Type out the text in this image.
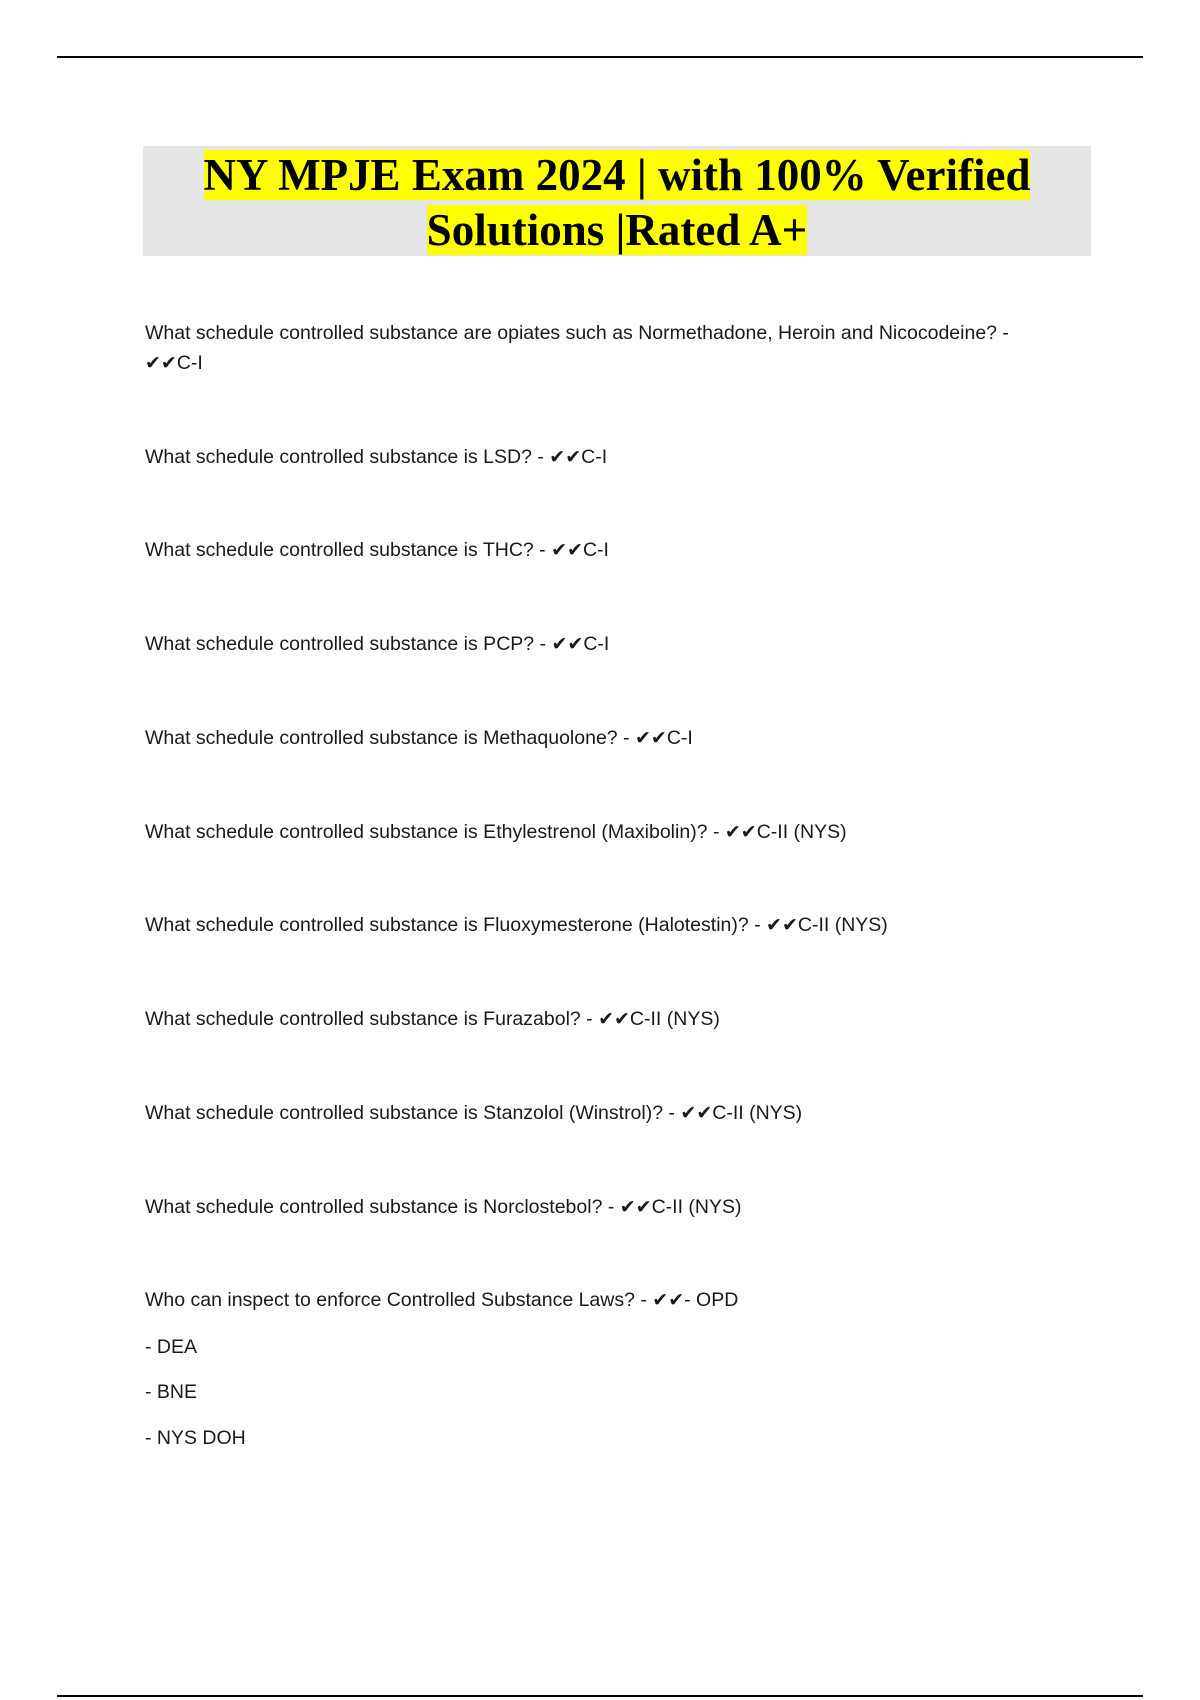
NY MPJE Exam 2024 | with 100% Verified
Solutions |Rated A+

What schedule controlled substance are opiates such as Normethadone, Heroin and Nicocodeine? -
✔✔C-I

What schedule controlled substance is LSD? - ✔✔C-I

What schedule controlled substance is THC? - ✔✔C-I

What schedule controlled substance is PCP? - ✔✔C-I

What schedule controlled substance is Methaquolone? - ✔✔C-I

What schedule controlled substance is Ethylestrenol (Maxibolin)? - ✔✔C-II (NYS)

What schedule controlled substance is Fluoxymesterone (Halotestin)? - ✔✔C-II (NYS)

What schedule controlled substance is Furazabol? - ✔✔C-II (NYS)

What schedule controlled substance is Stanzolol (Winstrol)? - ✔✔C-II (NYS)

What schedule controlled substance is Norclostebol? - ✔✔C-II (NYS)

Who can inspect to enforce Controlled Substance Laws? - ✔✔- OPD

- DEA

- BNE

- NYS DOH
